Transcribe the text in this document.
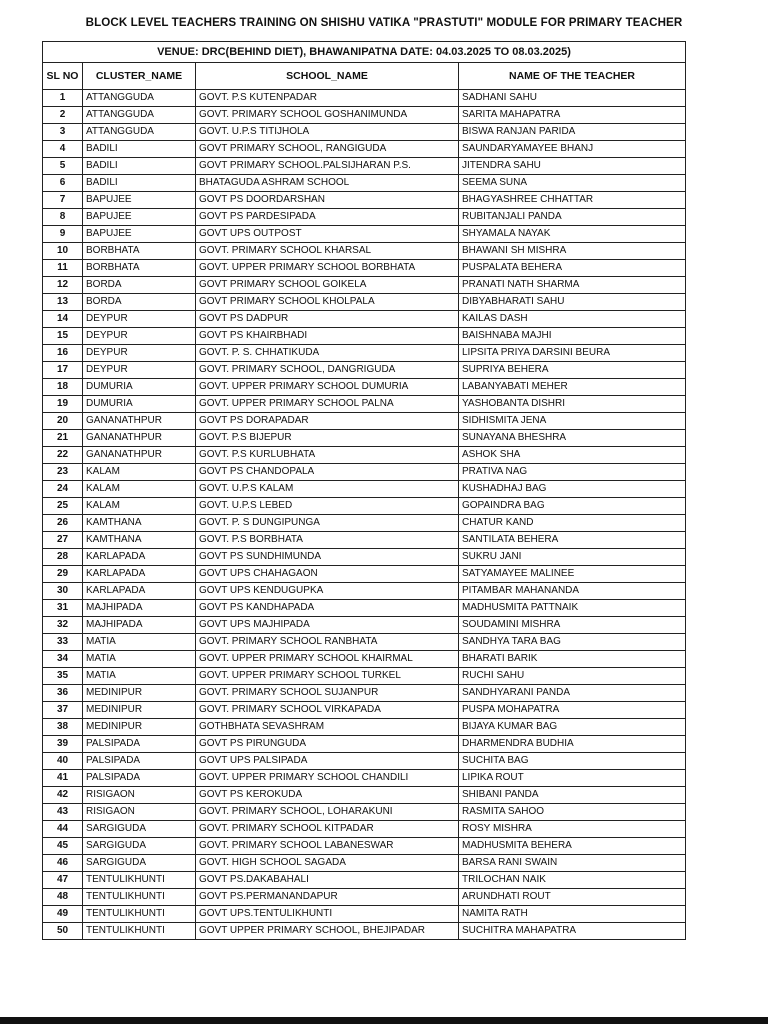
BLOCK LEVEL TEACHERS TRAINING ON SHISHU VATIKA "PRASTUTI" MODULE FOR PRIMARY TEACHER
VENUE: DRC(BEHIND DIET), BHAWANIPATNA DATE: 04.03.2025 TO 08.03.2025)			
SL NO	CLUSTER_NAME	SCHOOL_NAME	NAME OF THE TEACHER
1	ATTANGGUDA	GOVT. P.S KUTENPADAR	SADHANI SAHU
2	ATTANGGUDA	GOVT. PRIMARY SCHOOL GOSHANIMUNDA	SARITA MAHAPATRA
3	ATTANGGUDA	GOVT. U.P.S TITIJHOLA	BISWA RANJAN PARIDA
4	BADILI	GOVT PRIMARY SCHOOL, RANGIGUDA	SAUNDARYAMAYEE BHANJ
5	BADILI	GOVT PRIMARY SCHOOL.PALSIJHARAN P.S.	JITENDRA SAHU
6	BADILI	BHATAGUDA ASHRAM SCHOOL	SEEMA SUNA
7	BAPUJEE	GOVT PS DOORDARSHAN	BHAGYASHREE CHHATTAR
8	BAPUJEE	GOVT PS PARDESIPADA	RUBITANJALI PANDA
9	BAPUJEE	GOVT UPS OUTPOST	SHYAMALA NAYAK
10	BORBHATA	GOVT. PRIMARY SCHOOL KHARSAL	BHAWANI SH MISHRA
11	BORBHATA	GOVT. UPPER PRIMARY SCHOOL BORBHATA	PUSPALATA BEHERA
12	BORDA	GOVT PRIMARY SCHOOL GOIKELA	PRANATI NATH SHARMA
13	BORDA	GOVT PRIMARY SCHOOL KHOLPALA	DIBYABHARATI SAHU
14	DEYPUR	GOVT PS DADPUR	KAILAS DASH
15	DEYPUR	GOVT PS KHAIRBHADI	BAISHNABA MAJHI
16	DEYPUR	GOVT. P. S. CHHATIKUDA	LIPSITA PRIYA DARSINI BEURA
17	DEYPUR	GOVT. PRIMARY SCHOOL, DANGRIGUDA	SUPRIYA BEHERA
18	DUMURIA	GOVT. UPPER PRIMARY SCHOOL DUMURIA	LABANYABATI MEHER
19	DUMURIA	GOVT. UPPER PRIMARY SCHOOL PALNA	YASHOBANTA DISHRI
20	GANANATHPUR	GOVT PS DORAPADAR	SIDHISMITA JENA
21	GANANATHPUR	GOVT. P.S BIJEPUR	SUNAYANA BHESHRA
22	GANANATHPUR	GOVT. P.S KURLUBHATA	ASHOK SHA
23	KALAM	GOVT PS CHANDOPALA	PRATIVA NAG
24	KALAM	GOVT. U.P.S KALAM	KUSHADHAJ BAG
25	KALAM	GOVT. U.P.S LEBED	GOPAINDRA BAG
26	KAMTHANA	GOVT. P. S DUNGIPUNGA	CHATUR KAND
27	KAMTHANA	GOVT. P.S BORBHATA	SANTILATA BEHERA
28	KARLAPADA	GOVT PS SUNDHIMUNDA	SUKRU JANI
29	KARLAPADA	GOVT UPS CHAHAGAON	SATYAMAYEE MALINEE
30	KARLAPADA	GOVT UPS KENDUGUPKA	PITAMBAR MAHANANDA
31	MAJHIPADA	GOVT PS KANDHAPADA	MADHUSMITA PATTNAIK
32	MAJHIPADA	GOVT UPS MAJHIPADA	SOUDAMINI MISHRA
33	MATIA	GOVT. PRIMARY SCHOOL RANBHATA	SANDHYA TARA BAG
34	MATIA	GOVT. UPPER PRIMARY SCHOOL KHAIRMAL	BHARATI BARIK
35	MATIA	GOVT. UPPER PRIMARY SCHOOL TURKEL	RUCHI SAHU
36	MEDINIPUR	GOVT. PRIMARY SCHOOL SUJANPUR	SANDHYARANI PANDA
37	MEDINIPUR	GOVT. PRIMARY SCHOOL VIRKAPADA	PUSPA MOHAPATRA
38	MEDINIPUR	GOTHBHATA SEVASHRAM	BIJAYA KUMAR BAG
39	PALSIPADA	GOVT PS PIRUNGUDA	DHARMENDRA BUDHIA
40	PALSIPADA	GOVT UPS PALSIPADA	SUCHITA BAG
41	PALSIPADA	GOVT. UPPER PRIMARY SCHOOL CHANDILI	LIPIKA ROUT
42	RISIGAON	GOVT PS KEROKUDA	SHIBANI PANDA
43	RISIGAON	GOVT. PRIMARY SCHOOL, LOHARAKUNI	RASMITA SAHOO
44	SARGIGUDA	GOVT. PRIMARY SCHOOL KITPADAR	ROSY MISHRA
45	SARGIGUDA	GOVT. PRIMARY SCHOOL LABANESWAR	MADHUSMITA BEHERA
46	SARGIGUDA	GOVT. HIGH SCHOOL SAGADA	BARSA RANI SWAIN
47	TENTULIKHUNTI	GOVT PS.DAKABAHALI	TRILOCHAN NAIK
48	TENTULIKHUNTI	GOVT PS.PERMANANDAPUR	ARUNDHATI ROUT
49	TENTULIKHUNTI	GOVT UPS.TENTULIKHUNTI	NAMITA RATH
50	TENTULIKHUNTI	GOVT UPPER PRIMARY SCHOOL, BHEJIPADAR	SUCHITRA MAHAPATRA
